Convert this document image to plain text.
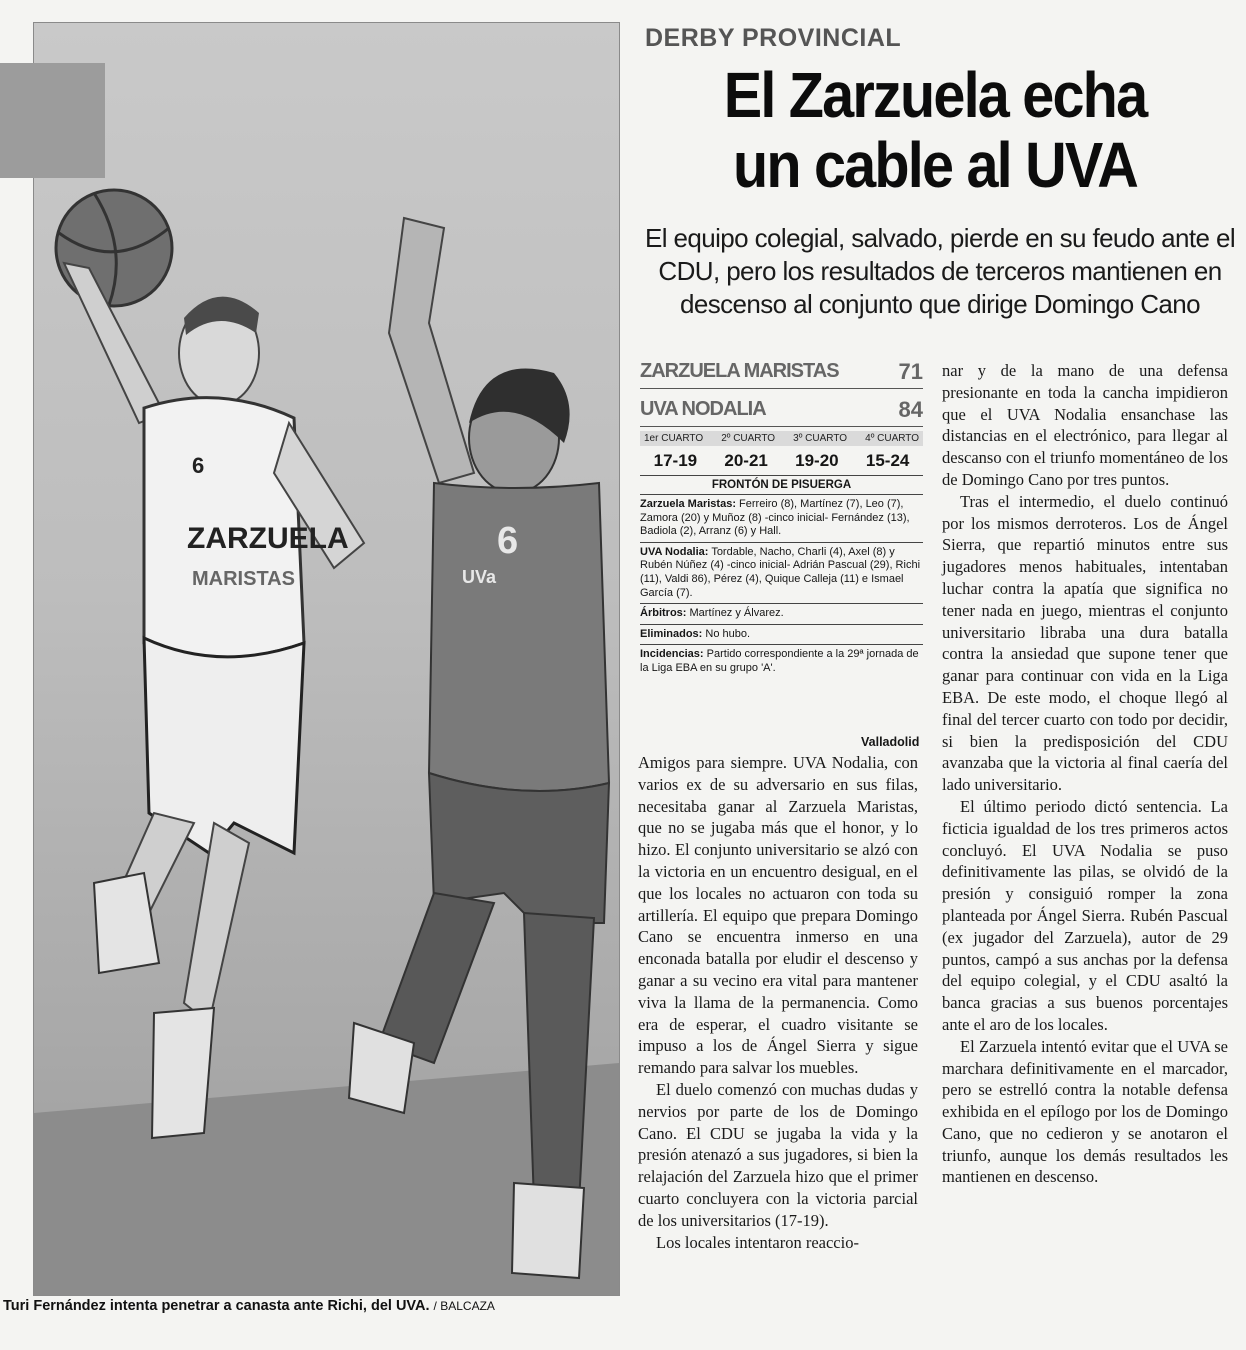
ZARZUELA
MARISTAS
6
6
UVa
Turi Fernández intenta penetrar a canasta ante Richi, del UVA. / BALCAZA
DERBY PROVINCIAL
El Zarzuela echa
un cable al UVA
El equipo colegial, salvado, pierde en su feudo ante el CDU, pero los resultados de terceros mantienen en descenso al conjunto que dirige Domingo Cano
ZARZUELA MARISTAS	71
UVA NODALIA	84
1er CUARTO 2º CUARTO 3º CUARTO 4º CUARTO
17-19 20-21 19-20 15-24
FRONTÓN DE PISUERGA
Zarzuela Maristas: Ferreiro (8), Martínez (7), Leo (7), Zamora (20) y Muñoz (8) -cinco inicial- Fernández (13), Badiola (2), Arranz (6) y Hall.
UVA Nodalia: Tordable, Nacho, Charli (4), Axel (8) y Rubén Núñez (4) -cinco inicial- Adrián Pascual (29), Richi (11), Valdi 86), Pérez (4), Quique Calleja (11) e Ismael García (7).
Árbitros: Martínez y Álvarez.
Eliminados: No hubo.
Incidencias: Partido correspondiente a la 29ª jornada de la Liga EBA en su grupo 'A'.
Valladolid

Amigos para siempre. UVA Nodalia, con varios ex de su adversario en sus filas, necesitaba ganar al Zarzuela Maristas, que no se jugaba más que el honor, y lo hizo. El conjunto universitario se alzó con la victoria en un encuentro desigual, en el que los locales no actuaron con toda su artillería. El equipo que prepara Domingo Cano se encuentra inmerso en una enconada batalla por eludir el descenso y ganar a su vecino era vital para mantener viva la llama de la permanencia. Como era de esperar, el cuadro visitante se impuso a los de Ángel Sierra y sigue remando para salvar los muebles.

El duelo comenzó con muchas dudas y nervios por parte de los de Domingo Cano. El CDU se jugaba la vida y la presión atenazó a sus jugadores, si bien la relajación del Zarzuela hizo que el primer cuarto concluyera con la victoria parcial de los universitarios (17-19).

Los locales intentaron reaccio-

nar y de la mano de una defensa presionante en toda la cancha impidieron que el UVA Nodalia ensanchase las distancias en el electrónico, para llegar al descanso con el triunfo momentáneo de los de Domingo Cano por tres puntos.

Tras el intermedio, el duelo continuó por los mismos derroteros. Los de Ángel Sierra, que repartió minutos entre sus jugadores menos habituales, intentaban luchar contra la apatía que significa no tener nada en juego, mientras el conjunto universitario libraba una dura batalla contra la ansiedad que supone tener que ganar para continuar con vida en la Liga EBA. De este modo, el choque llegó al final del tercer cuarto con todo por decidir, si bien la predisposición del CDU avanzaba que la victoria al final caería del lado universitario.

El último periodo dictó sentencia. La ficticia igualdad de los tres primeros actos concluyó. El UVA Nodalia se puso definitivamente las pilas, se olvidó de la presión y consiguió romper la zona planteada por Ángel Sierra. Rubén Pascual (ex jugador del Zarzuela), autor de 29 puntos, campó a sus anchas por la defensa del equipo colegial, y el CDU asaltó la banca gracias a sus buenos porcentajes ante el aro de los locales.

El Zarzuela intentó evitar que el UVA se marchara definitivamente en el marcador, pero se estrelló contra la notable defensa exhibida en el epílogo por los de Domingo Cano, que no cedieron y se anotaron el triunfo, aunque los demás resultados les mantienen en descenso.
